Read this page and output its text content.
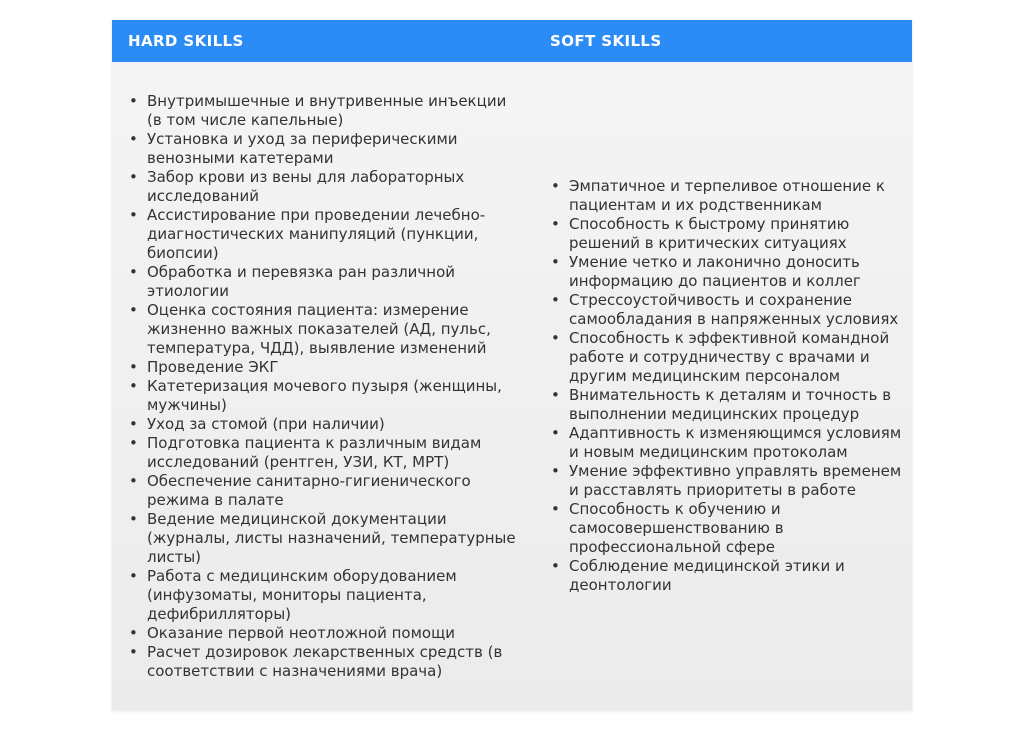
HARD SKILLS	SOFT SKILLS
• Внутримышечные и внутривенные инъекции (в том числе капельные)
• Установка и уход за периферическими венозными катетерами
• Забор крови из вены для лабораторных исследований
• Ассистирование при проведении лечебно-диагностических манипуляций (пункции, биопсии)
• Обработка и перевязка ран различной этиологии
• Оценка состояния пациента: измерение жизненно важных показателей (АД, пульс, температура, ЧДД), выявление изменений
• Проведение ЭКГ
• Катетеризация мочевого пузыря (женщины, мужчины)
• Уход за стомой (при наличии)
• Подготовка пациента к различным видам исследований (рентген, УЗИ, КТ, МРТ)
• Обеспечение санитарно-гигиенического режима в палате
• Ведение медицинской документации (журналы, листы назначений, температурные листы)
• Работа с медицинским оборудованием (инфузоматы, мониторы пациента, дефибрилляторы)
• Оказание первой неотложной помощи
• Расчет дозировок лекарственных средств (в соответствии с назначениями врача)
• Эмпатичное и терпеливое отношение к пациентам и их родственникам
• Способность к быстрому принятию решений в критических ситуациях
• Умение четко и лаконично доносить информацию до пациентов и коллег
• Стрессоустойчивость и сохранение самообладания в напряженных условиях
• Способность к эффективной командной работе и сотрудничеству с врачами и другим медицинским персоналом
• Внимательность к деталям и точность в выполнении медицинских процедур
• Адаптивность к изменяющимся условиям и новым медицинским протоколам
• Умение эффективно управлять временем и расставлять приоритеты в работе
• Способность к обучению и самосовершенствованию в профессиональной сфере
• Соблюдение медицинской этики и деонтологии
